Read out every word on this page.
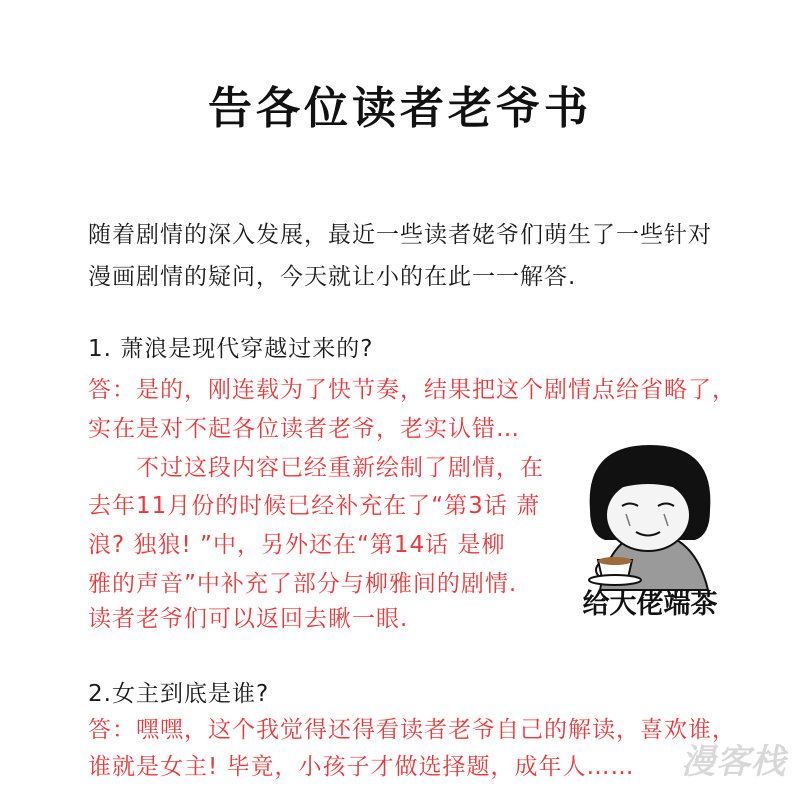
告各位读者老爷书
随着剧情的深入发展，最近一些读者姥爷们萌生了一些针对
漫画剧情的疑问，今天就让小的在此一一解答.
1. 萧浪是现代穿越过来的?
答：是的，刚连载为了快节奏，结果把这个剧情点给省略了，
实在是对不起各位读者老爷，老实认错…
　　不过这段内容已经重新绘制了剧情，在
去年11月份的时候已经补充在了“第3话 萧
浪? 独狼! ”中，另外还在“第14话 是柳
雅的声音”中补充了部分与柳雅间的剧情.
读者老爷们可以返回去瞅一眼.
2.女主到底是谁?
答：嘿嘿，这个我觉得还得看读者老爷自己的解读，喜欢谁，
谁就是女主! 毕竟，小孩子才做选择题，成年人……
给大佬端茶
漫客栈
